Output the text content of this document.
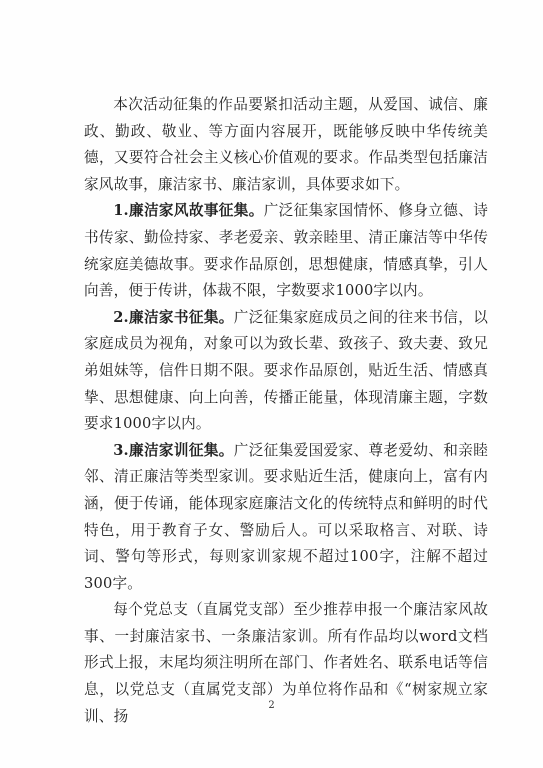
本次活动征集的作品要紧扣活动主题，从爱国、诚信、廉政、勤政、敬业、等方面内容展开，既能够反映中华传统美德，又要符合社会主义核心价值观的要求。作品类型包括廉洁家风故事，廉洁家书、廉洁家训，具体要求如下。

1.廉洁家风故事征集。广泛征集家国情怀、修身立德、诗书传家、勤俭持家、孝老爱亲、敦亲睦里、清正廉洁等中华传统家庭美德故事。要求作品原创，思想健康，情感真挚，引人向善，便于传讲，体裁不限，字数要求1000字以内。

2.廉洁家书征集。广泛征集家庭成员之间的往来书信，以家庭成员为视角，对象可以为致长辈、致孩子、致夫妻、致兄弟姐妹等，信件日期不限。要求作品原创，贴近生活、情感真挚、思想健康、向上向善，传播正能量，体现清廉主题，字数要求1000字以内。

3.廉洁家训征集。广泛征集爱国爱家、尊老爱幼、和亲睦邻、清正廉洁等类型家训。要求贴近生活，健康向上，富有内涵，便于传诵，能体现家庭廉洁文化的传统特点和鲜明的时代特色，用于教育子女、警励后人。可以采取格言、对联、诗词、警句等形式，每则家训家规不超过100字，注解不超过300字。

每个党总支（直属党支部）至少推荐申报一个廉洁家风故事、一封廉洁家书、一条廉洁家训。所有作品均以word文档形式上报，末尾均须注明所在部门、作者姓名、联系电话等信息，以党总支（直属党支部）为单位将作品和《“树家规立家训、扬

2
